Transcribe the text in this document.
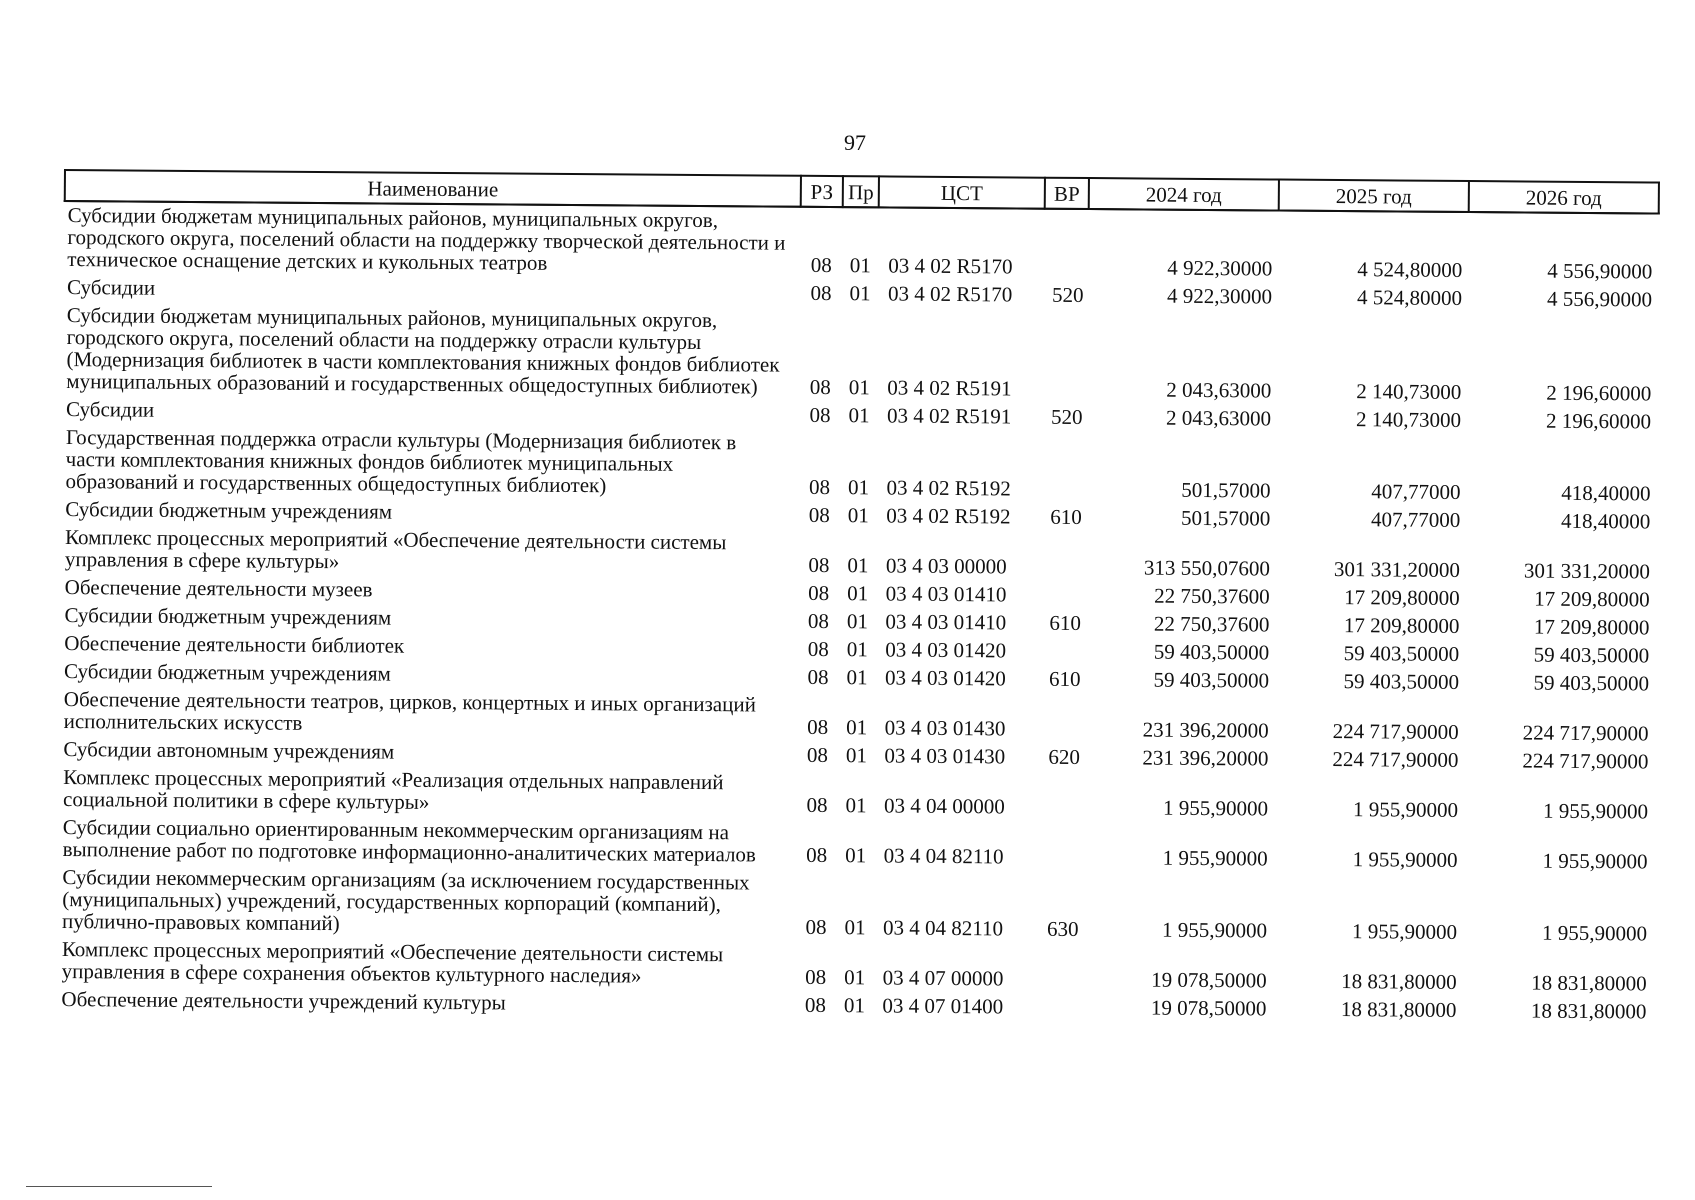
97
Наименование	РЗ	Пр	ЦСТ	ВР	2024 год	2025 год	2026 год
Субсидии бюджетам муниципальных районов, муниципальных округов, городского округа, поселений области на поддержку творческой деятельности и техническое оснащение детских и кукольных театров	08	01	03 4 02 R5170		4 922,30000	4 524,80000	4 556,90000
Субсидии	08	01	03 4 02 R5170	520	4 922,30000	4 524,80000	4 556,90000
Субсидии бюджетам муниципальных районов, муниципальных округов, городского округа, поселений области на поддержку отрасли культуры (Модернизация библиотек в части комплектования книжных фондов библиотек муниципальных образований и государственных общедоступных библиотек)	08	01	03 4 02 R5191		2 043,63000	2 140,73000	2 196,60000
Субсидии	08	01	03 4 02 R5191	520	2 043,63000	2 140,73000	2 196,60000
Государственная поддержка отрасли культуры (Модернизация библиотек в части комплектования книжных фондов библиотек муниципальных образований и государственных общедоступных библиотек)	08	01	03 4 02 R5192		501,57000	407,77000	418,40000
Субсидии бюджетным учреждениям	08	01	03 4 02 R5192	610	501,57000	407,77000	418,40000
Комплекс процессных мероприятий «Обеспечение деятельности системы управления в сфере культуры»	08	01	03 4 03 00000		313 550,07600	301 331,20000	301 331,20000
Обеспечение деятельности музеев	08	01	03 4 03 01410		22 750,37600	17 209,80000	17 209,80000
Субсидии бюджетным учреждениям	08	01	03 4 03 01410	610	22 750,37600	17 209,80000	17 209,80000
Обеспечение деятельности библиотек	08	01	03 4 03 01420		59 403,50000	59 403,50000	59 403,50000
Субсидии бюджетным учреждениям	08	01	03 4 03 01420	610	59 403,50000	59 403,50000	59 403,50000
Обеспечение деятельности театров, цирков, концертных и иных организаций исполнительских искусств	08	01	03 4 03 01430		231 396,20000	224 717,90000	224 717,90000
Субсидии автономным учреждениям	08	01	03 4 03 01430	620	231 396,20000	224 717,90000	224 717,90000
Комплекс процессных мероприятий «Реализация отдельных направлений социальной политики в сфере культуры»	08	01	03 4 04 00000		1 955,90000	1 955,90000	1 955,90000
Субсидии социально ориентированным некоммерческим организациям на выполнение работ по подготовке информационно-аналитических материалов	08	01	03 4 04 82110		1 955,90000	1 955,90000	1 955,90000
Субсидии некоммерческим организациям (за исключением государственных (муниципальных) учреждений, государственных корпораций (компаний), публично-правовых компаний)	08	01	03 4 04 82110	630	1 955,90000	1 955,90000	1 955,90000
Комплекс процессных мероприятий «Обеспечение деятельности системы управления в сфере сохранения объектов культурного наследия»	08	01	03 4 07 00000		19 078,50000	18 831,80000	18 831,80000
Обеспечение деятельности учреждений культуры	08	01	03 4 07 01400		19 078,50000	18 831,80000	18 831,80000
